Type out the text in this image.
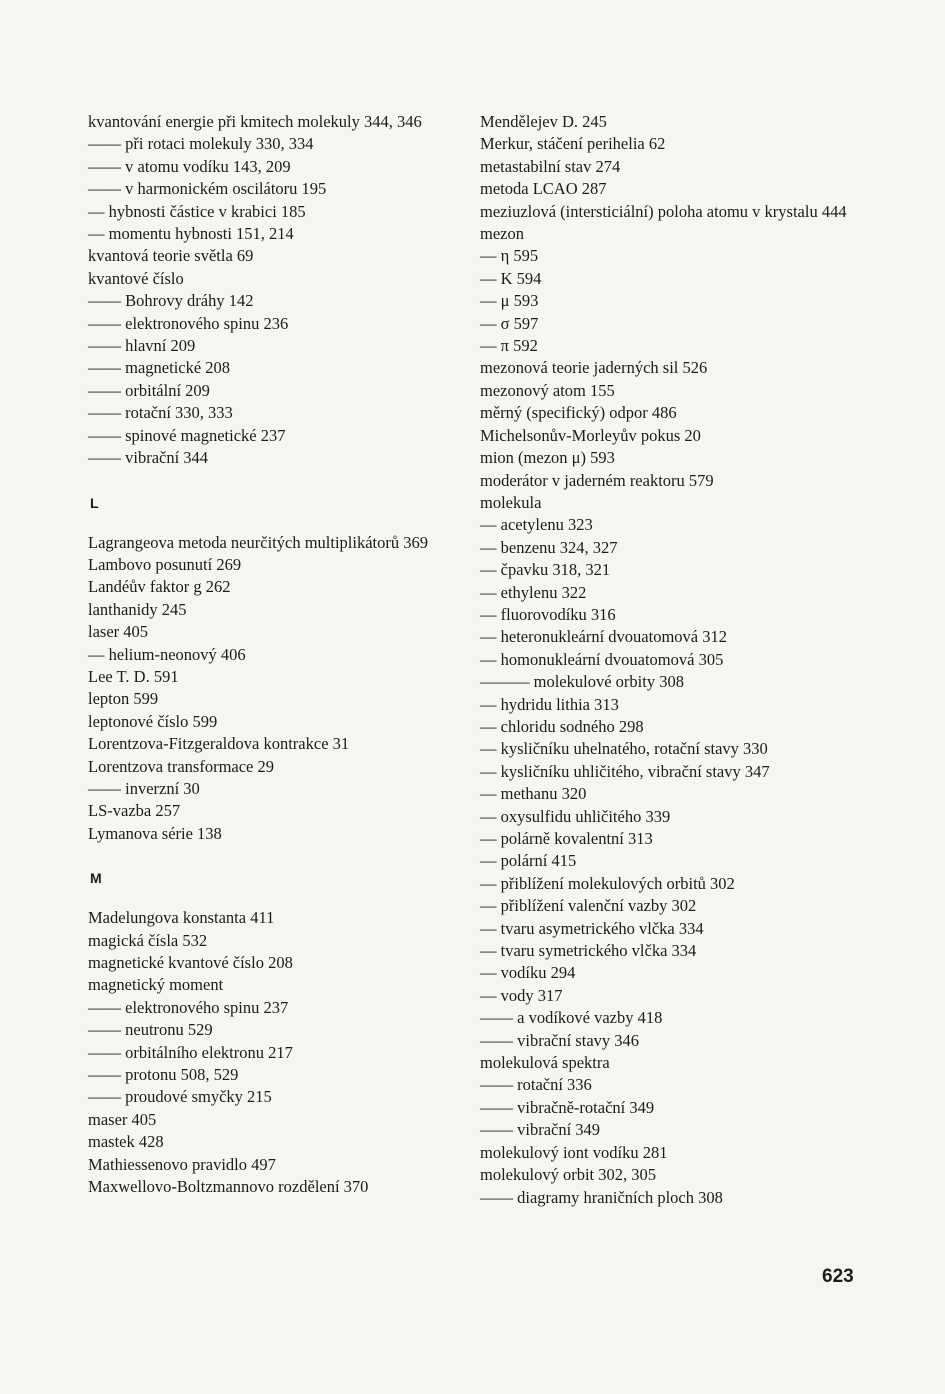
kvantování energie při kmitech molekuly 344, 346
—— při rotaci molekuly 330, 334
—— v atomu vodíku 143, 209
—— v harmonickém oscilátoru 195
— hybnosti částice v krabici 185
— momentu hybnosti 151, 214
kvantová teorie světla 69
kvantové číslo
—— Bohrovy dráhy 142
—— elektronového spinu 236
—— hlavní 209
—— magnetické 208
—— orbitální 209
—— rotační 330, 333
—— spinové magnetické 237
—— vibrační 344
L
Lagrangeova metoda neurčitých multiplikátorů 369
Lambovo posunutí 269
Landéův faktor g 262
lanthanidy 245
laser 405
— helium-neonový 406
Lee T. D. 591
lepton 599
leptonové číslo 599
Lorentzova-Fitzgeraldova kontrakce 31
Lorentzova transformace 29
—— inverzní 30
LS-vazba 257
Lymanova série 138
M
Madelungova konstanta 411
magická čísla 532
magnetické kvantové číslo 208
magnetický moment
—— elektronového spinu 237
—— neutronu 529
—— orbitálního elektronu 217
—— protonu 508, 529
—— proudové smyčky 215
maser 405
mastek 428
Mathiessenovo pravidlo 497
Maxwellovo-Boltzmannovo rozdělení 370
Mendělejev D. 245
Merkur, stáčení perihelia 62
metastabilní stav 274
metoda LCAO 287
meziuzlová (intersticiální) poloha atomu v krystalu 444
mezon
— η 595
— K 594
— μ 593
— σ 597
— π 592
mezonová teorie jaderných sil 526
mezonový atom 155
měrný (specifický) odpor 486
Michelsonův-Morleyův pokus 20
mion (mezon μ) 593
moderátor v jaderném reaktoru 579
molekula
— acetylenu 323
— benzenu 324, 327
— čpavku 318, 321
— ethylenu 322
— fluorovodíku 316
— heteronukleární dvouatomová 312
— homonukleární dvouatomová 305
——— molekulové orbity 308
— hydridu lithia 313
— chloridu sodného 298
— kysličníku uhelnatého, rotační stavy 330
— kysličníku uhličitého, vibrační stavy 347
— methanu 320
— oxysulfidu uhličitého 339
— polárně kovalentní 313
— polární 415
— přiblížení molekulových orbitů 302
— přiblížení valenční vazby 302
— tvaru asymetrického vlčka 334
— tvaru symetrického vlčka 334
— vodíku 294
— vody 317
—— a vodíkové vazby 418
—— vibrační stavy 346
molekulová spektra
—— rotační 336
—— vibračně-rotační 349
—— vibrační 349
molekulový iont vodíku 281
molekulový orbit 302, 305
—— diagramy hraničních ploch 308
623
